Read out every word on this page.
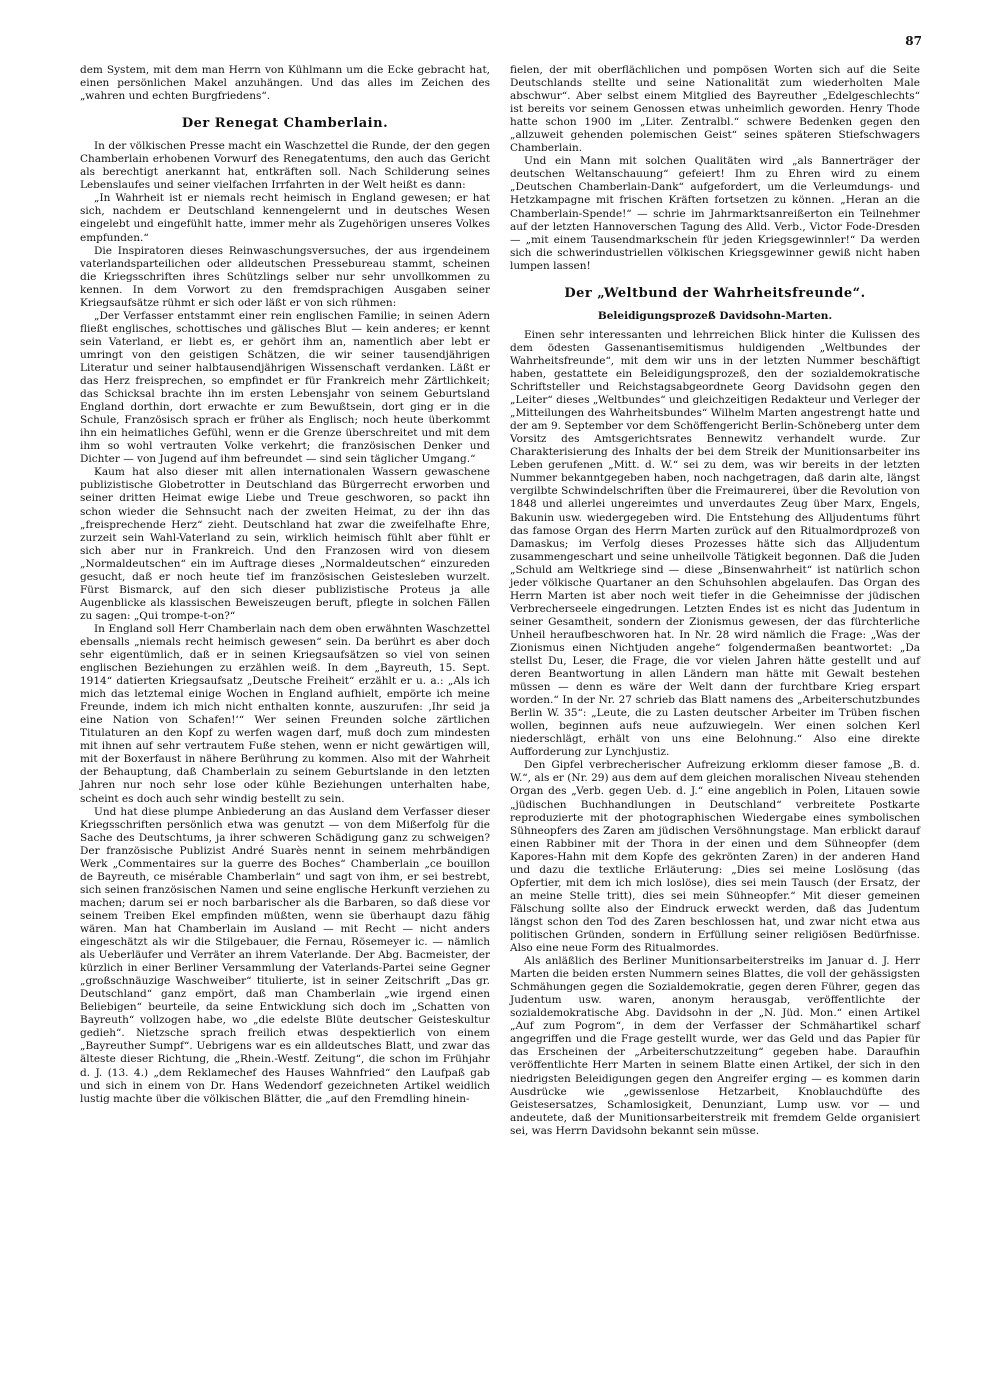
87

dem System, mit dem man Herrn von Kühlmann um die Ecke gebracht hat, einen persönlichen Makel anzuhängen. Und das alles im Zeichen des „wahren und echten Burgfriedens“.

Der Renegat Chamberlain.

In der völkischen Presse macht ein Waschzettel die Runde, der den gegen Chamberlain erhobenen Vorwurf des Renegatentums, den auch das Gericht als berechtigt anerkannt hat, entkräften soll. Nach Schilderung seines Lebenslaufes und seiner vielfachen Irrfahrten in der Welt heißt es dann:

„In Wahrheit ist er niemals recht heimisch in England gewesen; er hat sich, nachdem er Deutschland kennengelernt und in deutsches Wesen eingelebt und eingefühlt hatte, immer mehr als Zugehörigen unseres Volkes empfunden.“

Die Inspiratoren dieses Reinwaschungsversuches, der aus irgendeinem vaterlandsparteilichen oder alldeutschen Pressebureau stammt, scheinen die Kriegsschriften ihres Schützlings selber nur sehr unvollkommen zu kennen. In dem Vorwort zu den fremdsprachigen Ausgaben seiner Kriegsaufsätze rühmt er sich oder läßt er von sich rühmen:

„Der Verfasser entstammt einer rein englischen Familie; in seinen Adern fließt englisches, schottisches und gälisches Blut — kein anderes; er kennt sein Vaterland, er liebt es, er gehört ihm an, namentlich aber lebt er umringt von den geistigen Schätzen, die wir seiner tausendjährigen Literatur und seiner halbtausendjährigen Wissenschaft verdanken. Läßt er das Herz freisprechen, so empfindet er für Frankreich mehr Zärtlichkeit; das Schicksal brachte ihn im ersten Lebensjahr von seinem Geburtsland England dorthin, dort erwachte er zum Bewußtsein, dort ging er in die Schule, Französisch sprach er früher als Englisch; noch heute überkommt ihn ein heimatliches Gefühl, wenn er die Grenze überschreitet und mit dem ihm so wohl vertrauten Volke verkehrt; die französischen Denker und Dichter — von Jugend auf ihm befreundet — sind sein täglicher Umgang.“

Kaum hat also dieser mit allen internationalen Wassern gewaschene publizistische Globetrotter in Deutschland das Bürgerrecht erworben und seiner dritten Heimat ewige Liebe und Treue geschworen, so packt ihn schon wieder die Sehnsucht nach der zweiten Heimat, zu der ihn das „freisprechende Herz“ zieht. Deutschland hat zwar die zweifelhafte Ehre, zurzeit sein Wahl-Vaterland zu sein, wirklich heimisch fühlt aber fühlt er sich aber nur in Frankreich. Und den Franzosen wird von diesem „Normaldeutschen“ ein im Auftrage dieses „Normaldeutschen“ einzureden gesucht, daß er noch heute tief im französischen Geistesleben wurzelt. Fürst Bismarck, auf den sich dieser publizistische Proteus ja alle Augenblicke als klassischen Beweiszeugen beruft, pflegte in solchen Fällen zu sagen: „Qui trompe-t-on?“

In England soll Herr Chamberlain nach dem oben erwähnten Waschzettel ebensalls „niemals recht heimisch gewesen“ sein. Da berührt es aber doch sehr eigentümlich, daß er in seinen Kriegsaufsätzen so viel von seinen englischen Beziehungen zu erzählen weiß. In dem „Bayreuth, 15. Sept. 1914“ datierten Kriegsaufsatz „Deutsche Freiheit“ erzählt er u. a.: „Als ich mich das letztemal einige Wochen in England aufhielt, empörte ich meine Freunde, indem ich mich nicht enthalten konnte, auszurufen: ‚Ihr seid ja eine Nation von Schafen!‘“ Wer seinen Freunden solche zärtlichen Titulaturen an den Kopf zu werfen wagen darf, muß doch zum mindesten mit ihnen auf sehr vertrautem Fuße stehen, wenn er nicht gewärtigen will, mit der Boxerfaust in nähere Berührung zu kommen. Also mit der Wahrheit der Behauptung, daß Chamberlain zu seinem Geburtslande in den letzten Jahren nur noch sehr lose oder kühle Beziehungen unterhalten habe, scheint es doch auch sehr windig bestellt zu sein.

Und hat diese plumpe Anbiederung an das Ausland dem Verfasser dieser Kriegsschriften persönlich etwa was genutzt — von dem Mißerfolg für die Sache des Deutschtums, ja ihrer schweren Schädigung ganz zu schweigen? Der französische Publizist André Suarès nennt in seinem mehrbändigen Werk „Commentaires sur la guerre des Boches“ Chamberlain „ce bouillon de Bayreuth, ce misérable Chamberlain“ und sagt von ihm, er sei bestrebt, sich seinen französischen Namen und seine englische Herkunft verziehen zu machen; darum sei er noch barbarischer als die Barbaren, so daß diese vor seinem Treiben Ekel empfinden müßten, wenn sie überhaupt dazu fähig wären. Man hat Chamberlain im Ausland — mit Recht — nicht anders eingeschätzt als wir die Stilgebauer, die Fernau, Rösemeyer ic. — nämlich als Ueberläufer und Verräter an ihrem Vaterlande. Der Abg. Bacmeister, der kürzlich in einer Berliner Versammlung der Vaterlands-Partei seine Gegner „großschnäuzige Waschweiber“ titulierte, ist in seiner Zeitschrift „Das gr. Deutschland“ ganz empört, daß man Chamberlain „wie irgend einen Beliebigen“ beurteile, da seine Entwicklung sich doch im „Schatten von Bayreuth“ vollzogen habe, wo „die edelste Blüte deutscher Geisteskultur gedieh“. Nietzsche sprach freilich etwas despektierlich von einem „Bayreuther Sumpf“. Uebrigens war es ein alldeutsches Blatt, und zwar das älteste dieser Richtung, die „Rhein.-Westf. Zeitung“, die schon im Frühjahr d. J. (13. 4.) „dem Reklamechef des Hauses Wahnfried“ den Laufpaß gab und sich in einem von Dr. Hans Wedendorf gezeichneten Artikel weidlich lustig machte über die völkischen Blätter, die „auf den Fremdling hinein-

fielen, der mit oberflächlichen und pompösen Worten sich auf die Seite Deutschlands stellte und seine Nationalität zum wiederholten Male abschwur“. Aber selbst einem Mitglied des Bayreuther „Edelgeschlechts“ ist bereits vor seinem Genossen etwas unheimlich geworden. Henry Thode hatte schon 1900 im „Liter. Zentralbl.“ schwere Bedenken gegen den „allzuweit gehenden polemischen Geist“ seines späteren Stiefschwagers Chamberlain.

Und ein Mann mit solchen Qualitäten wird „als Bannerträger der deutschen Weltanschauung“ gefeiert! Ihm zu Ehren wird zu einem „Deutschen Chamberlain-Dank“ aufgefordert, um die Verleumdungs- und Hetzkampagne mit frischen Kräften fortsetzen zu können. „Heran an die Chamberlain-Spende!“ — schrie im Jahrmarktsanreißerton ein Teilnehmer auf der letzten Hannoverschen Tagung des Alld. Verb., Victor Fode-Dresden — „mit einem Tausendmarkschein für jeden Kriegsgewinnler!“ Da werden sich die schwerindustriellen völkischen Kriegsgewinner gewiß nicht haben lumpen lassen!

Der „Weltbund der Wahrheitsfreunde“.
Beleidigungsprozeß Davidsohn-Marten.

Einen sehr interessanten und lehrreichen Blick hinter die Kulissen des dem ödesten Gassenantisemitismus huldigenden „Weltbundes der Wahrheitsfreunde“, mit dem wir uns in der letzten Nummer beschäftigt haben, gestattete ein Beleidigungsprozeß, den der sozialdemokratische Schriftsteller und Reichstagsabgeordnete Georg Davidsohn gegen den „Leiter“ dieses „Weltbundes“ und gleichzeitigen Redakteur und Verleger der „Mitteilungen des Wahrheitsbundes“ Wilhelm Marten angestrengt hatte und der am 9. September vor dem Schöffengericht Berlin-Schöneberg unter dem Vorsitz des Amtsgerichtsrates Bennewitz verhandelt wurde. Zur Charakterisierung des Inhalts der bei dem Streik der Munitionsarbeiter ins Leben gerufenen „Mitt. d. W.“ sei zu dem, was wir bereits in der letzten Nummer bekanntgegeben haben, noch nachgetragen, daß darin alte, längst vergilbte Schwindelschriften über die Freimaurerei, über die Revolution von 1848 und allerlei ungereimtes und unverdautes Zeug über Marx, Engels, Bakunin usw. wiedergegeben wird. Die Entstehung des Alljudentums führt das famose Organ des Herrn Marten zurück auf den Ritualmordprozeß von Damaskus; im Verfolg dieses Prozesses hätte sich das Alljudentum zusammengeschart und seine unheilvolle Tätigkeit begonnen. Daß die Juden „Schuld am Weltkriege sind — diese „Binsenwahrheit“ ist natürlich schon jeder völkische Quartaner an den Schuhsohlen abgelaufen. Das Organ des Herrn Marten ist aber noch weit tiefer in die Geheimnisse der jüdischen Verbrecherseele eingedrungen. Letzten Endes ist es nicht das Judentum in seiner Gesamtheit, sondern der Zionismus gewesen, der das fürchterliche Unheil heraufbeschworen hat. In Nr. 28 wird nämlich die Frage: „Was der Zionismus einen Nichtjuden angehe“ folgendermaßen beantwortet: „Da stellst Du, Leser, die Frage, die vor vielen Jahren hätte gestellt und auf deren Beantwortung in allen Ländern man hätte mit Gewalt bestehen müssen — denn es wäre der Welt dann der furchtbare Krieg erspart worden.“ In der Nr. 27 schrieb das Blatt namens des „Arbeiterschutzbundes Berlin W. 35“: „Leute, die zu Lasten deutscher Arbeiter im Trüben fischen wollen, beginnen aufs neue aufzuwiegeln. Wer einen solchen Kerl niederschlägt, erhält von uns eine Belohnung.“ Also eine direkte Aufforderung zur Lynchjustiz.

Den Gipfel verbrecherischer Aufreizung erklomm dieser famose „B. d. W.“, als er (Nr. 29) aus dem auf dem gleichen moralischen Niveau stehenden Organ des „Verb. gegen Ueb. d. J.“ eine angeblich in Polen, Litauen sowie „jüdischen Buchhandlungen in Deutschland“ verbreitete Postkarte reproduzierte mit der photographischen Wiedergabe eines symbolischen Sühneopfers des Zaren am jüdischen Versöhnungstage. Man erblickt darauf einen Rabbiner mit der Thora in der einen und dem Sühneopfer (dem Kapores-Hahn mit dem Kopfe des gekrönten Zaren) in der anderen Hand und dazu die textliche Erläuterung: „Dies sei meine Loslösung (das Opfertier, mit dem ich mich loslöse), dies sei mein Tausch (der Ersatz, der an meine Stelle tritt), dies sei mein Sühneopfer.“ Mit dieser gemeinen Fälschung sollte also der Eindruck erweckt werden, daß das Judentum längst schon den Tod des Zaren beschlossen hat, und zwar nicht etwa aus politischen Gründen, sondern in Erfüllung seiner religiösen Bedürfnisse. Also eine neue Form des Ritualmordes.

Als anläßlich des Berliner Munitionsarbeiterstreiks im Januar d. J. Herr Marten die beiden ersten Nummern seines Blattes, die voll der gehässigsten Schmähungen gegen die Sozialdemokratie, gegen deren Führer, gegen das Judentum usw. waren, anonym herausgab, veröffentlichte der sozialdemokratische Abg. Davidsohn in der „N. Jüd. Mon.“ einen Artikel „Auf zum Pogrom“, in dem der Verfasser der Schmähartikel scharf angegriffen und die Frage gestellt wurde, wer das Geld und das Papier für das Erscheinen der „Arbeiterschutzzeitung“ gegeben habe. Daraufhin veröffentlichte Herr Marten in seinem Blatte einen Artikel, der sich in den niedrigsten Beleidigungen gegen den Angreifer erging — es kommen darin Ausdrücke wie „gewissenlose Hetzarbeit, Knoblauchdüfte des Geistesersatzes, Schamlosigkeit, Denunziant, Lump usw. vor — und andeutete, daß der Munitionsarbeiterstreik mit fremdem Gelde organisiert sei, was Herrn Davidsohn bekannt sein müsse.
